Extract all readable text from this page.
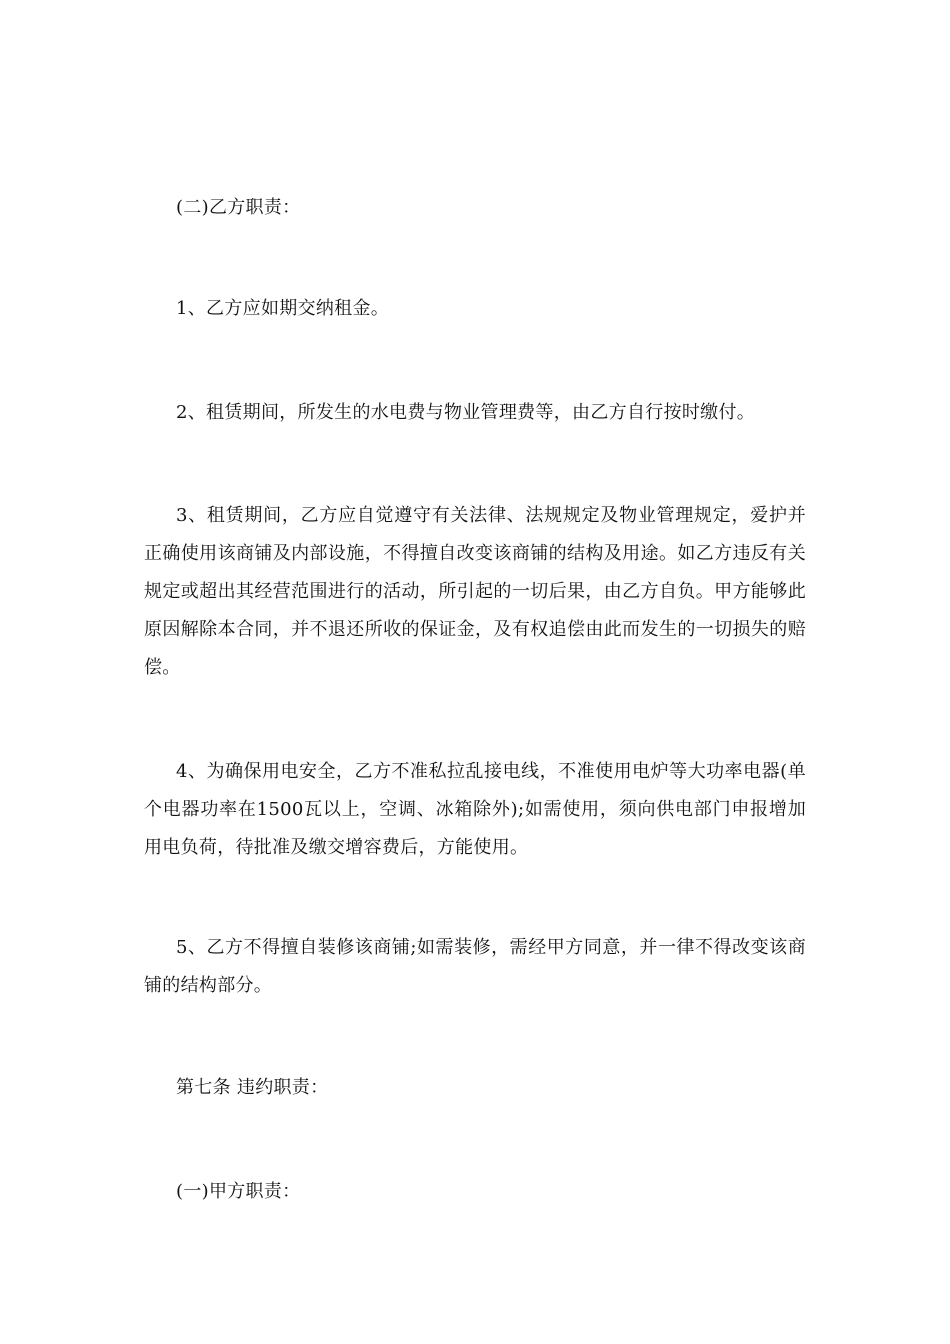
(二)乙方职责：

1、乙方应如期交纳租金。

2、租赁期间，所发生的水电费与物业管理费等，由乙方自行按时缴付。

3、租赁期间，乙方应自觉遵守有关法律、法规规定及物业管理规定，爱护并正确使用该商铺及内部设施，不得擅自改变该商铺的结构及用途。如乙方违反有关规定或超出其经营范围进行的活动，所引起的一切后果，由乙方自负。甲方能够此原因解除本合同，并不退还所收的保证金，及有权追偿由此而发生的一切损失的赔偿。

4、为确保用电安全，乙方不准私拉乱接电线，不准使用电炉等大功率电器(单个电器功率在1500瓦以上，空调、冰箱除外);如需使用，须向供电部门申报增加用电负荷，待批准及缴交增容费后，方能使用。

5、乙方不得擅自装修该商铺;如需装修，需经甲方同意，并一律不得改变该商铺的结构部分。

第七条 违约职责：

(一)甲方职责：
